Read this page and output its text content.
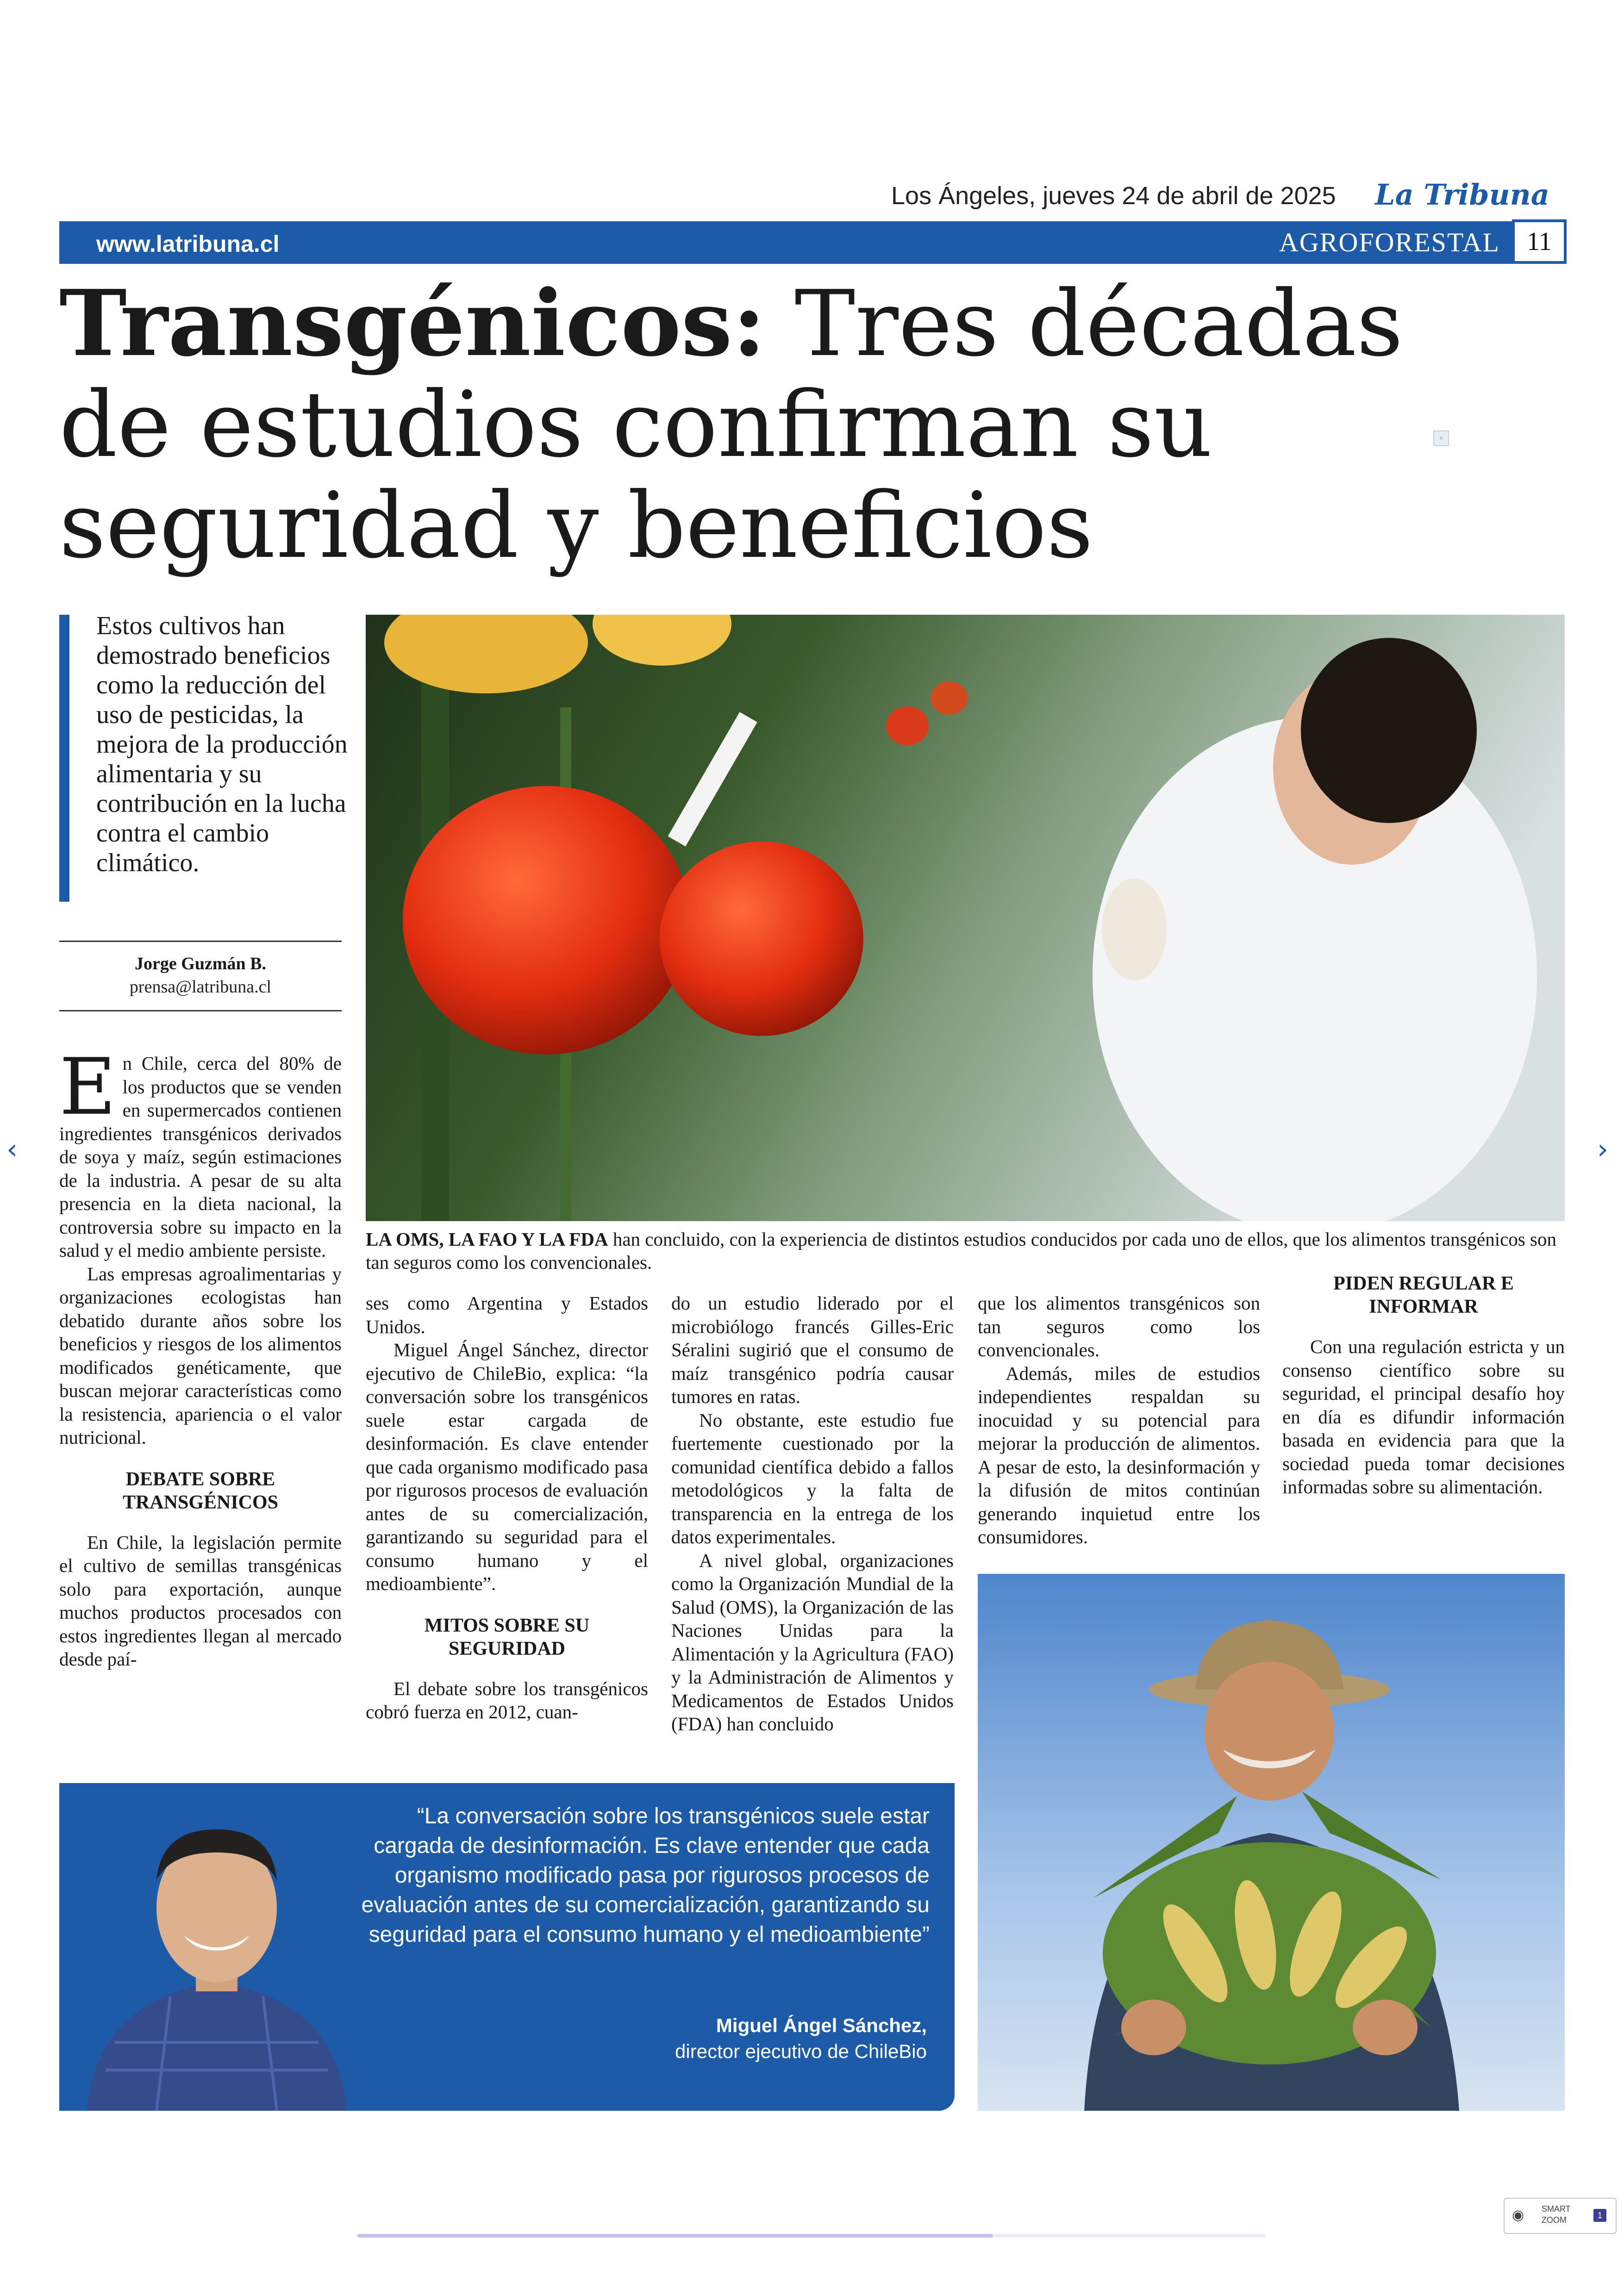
Los Ángeles, jueves 24 de abril de 2025 La Tribuna
www.latribuna.cl	AGROFORESTAL	11
Transgénicos: Tres décadas de estudios confirman su seguridad y beneficios
▫
Estos cultivos han demostrado beneficios como la reducción del uso de pesticidas, la mejora de la producción alimentaria y su contribución en la lucha contra el cambio climático.
Jorge Guzmán B.
prensa@latribuna.cl
E n Chile, cerca del 80% de los productos que se venden en supermercados contienen ingredientes transgénicos derivados de soya y maíz, según estimaciones de la industria. A pesar de su alta presencia en la dieta nacional, la controversia sobre su impacto en la salud y el medio ambiente persiste.

Las empresas agroalimentarias y organizaciones ecologistas han debatido durante años sobre los beneficios y riesgos de los alimentos modificados genéticamente, que buscan mejorar características como la resistencia, apariencia o el valor nutricional.

DEBATE SOBRE TRANSGÉNICOS

En Chile, la legislación permite el cultivo de semillas transgénicas solo para exportación, aunque muchos productos procesados con estos ingredientes llegan al mercado desde paí-

LA OMS, LA FAO Y LA FDA han concluido, con la experiencia de distintos estudios conducidos por cada uno de ellos, que los alimentos transgénicos son tan seguros como los convencionales.

ses como Argentina y Estados Unidos.

Miguel Ángel Sánchez, director ejecutivo de ChileBio, explica: “la conversación sobre los transgénicos suele estar cargada de desinformación. Es clave entender que cada organismo modificado pasa por rigurosos procesos de evaluación antes de su comercialización, garantizando su seguridad para el consumo humano y el medioambiente”.

MITOS SOBRE SU SEGURIDAD

El debate sobre los transgénicos cobró fuerza en 2012, cuan-

do un estudio liderado por el microbiólogo francés Gilles-Eric Séralini sugirió que el consumo de maíz transgénico podría causar tumores en ratas.

No obstante, este estudio fue fuertemente cuestionado por la comunidad científica debido a fallos metodológicos y la falta de transparencia en la entrega de los datos experimentales.

A nivel global, organizaciones como la Organización Mundial de la Salud (OMS), la Organización de las Naciones Unidas para la Alimentación y la Agricultura (FAO) y la Administración de Alimentos y Medicamentos de Estados Unidos (FDA) han concluido

que los alimentos transgénicos son tan seguros como los convencionales.

Además, miles de estudios independientes respaldan su inocuidad y su potencial para mejorar la producción de alimentos. A pesar de esto, la desinformación y la difusión de mitos continúan generando inquietud entre los consumidores.

PIDEN REGULAR E INFORMAR

Con una regulación estricta y un consenso científico sobre su seguridad, el principal desafío hoy en día es difundir información basada en evidencia para que la sociedad pueda tomar decisiones informadas sobre su alimentación.

“La conversación sobre los transgénicos suele estar cargada de desinformación. Es clave entender que cada organismo modificado pasa por rigurosos procesos de evaluación antes de su comercialización, garantizando su seguridad para el consumo humano y el medioambiente”
Miguel Ángel Sánchez,
director ejecutivo de ChileBio
‹	›
◉ SMART
ZOOM	1
